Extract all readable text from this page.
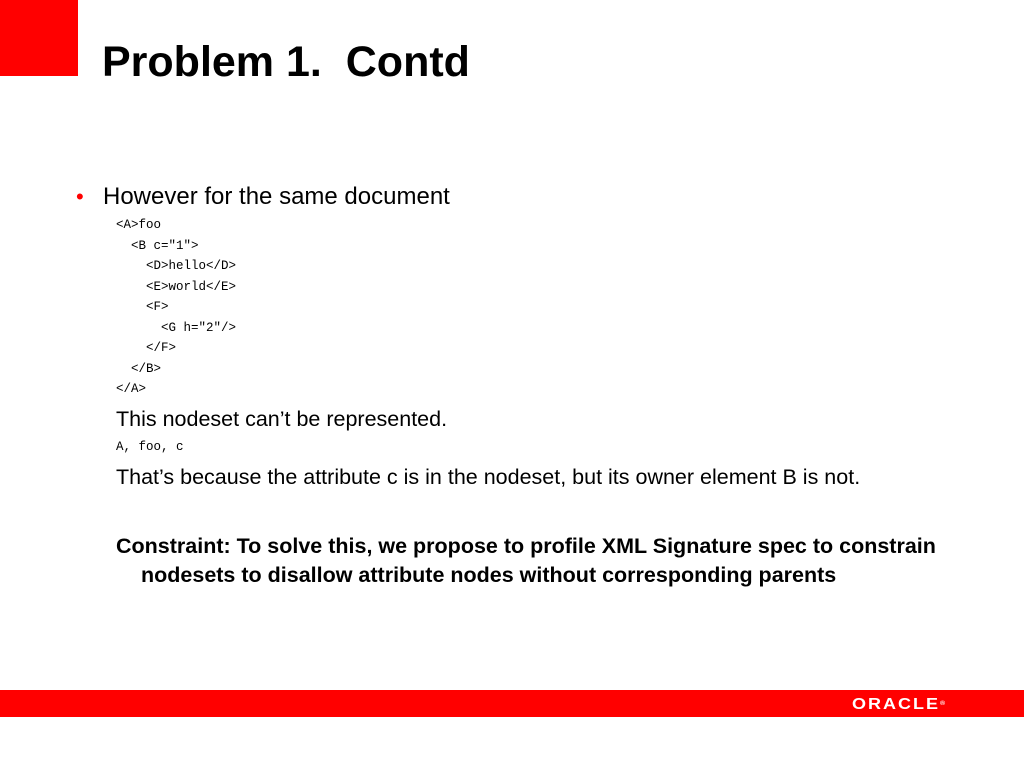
Problem 1.  Contd
• However for the same document
<A>foo
<B c="1">
<D>hello</D>
<E>world</E>
<F>
<G h="2"/>
</F>
</B>
</A>

This nodeset can’t be represented.

A, foo, c

That’s because the attribute c is in the nodeset, but its owner element B is not.

Constraint: To solve this, we propose to profile XML Signature spec to constrain nodesets to disallow attribute nodes without corresponding parents

ORACLE®
